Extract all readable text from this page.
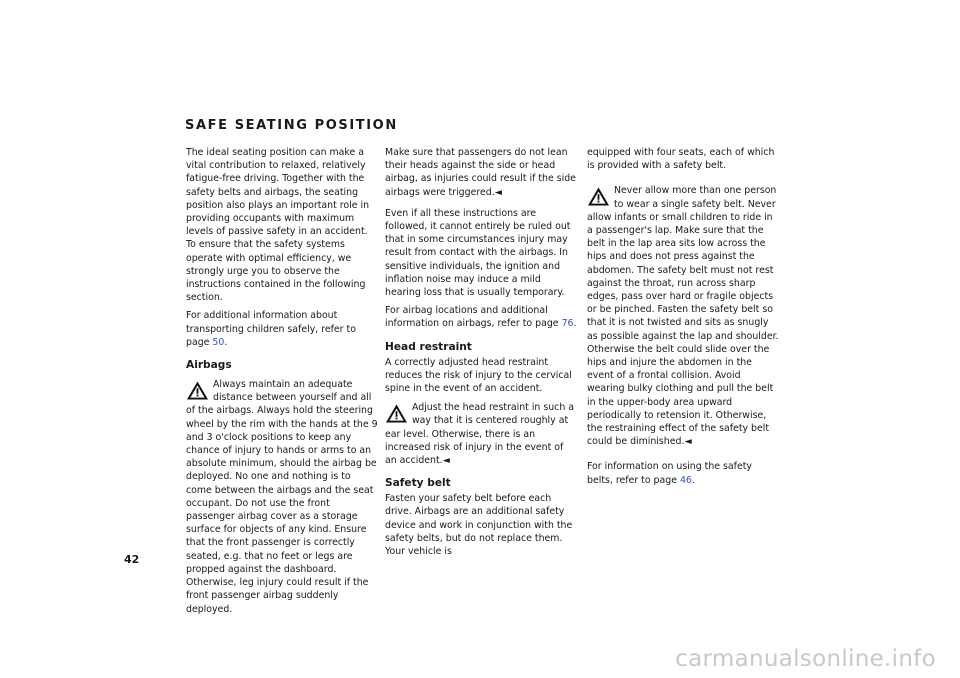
SAFE SEATING POSITION

The ideal seating position can make a vital contribution to relaxed, relatively fatigue-free driving. Together with the safety belts and airbags, the seating position also plays an important role in providing occupants with maximum levels of passive safety in an accident. To ensure that the safety systems operate with optimal efficiency, we strongly urge you to observe the instructions contained in the following section.

For additional information about transporting children safely, refer to page 50.

Airbags

Always maintain an adequate distance between yourself and all of the airbags. Always hold the steering wheel by the rim with the hands at the 9 and 3 o'clock positions to keep any chance of injury to hands or arms to an absolute minimum, should the airbag be deployed. No one and nothing is to come between the airbags and the seat occupant. Do not use the front passenger airbag cover as a storage surface for objects of any kind. Ensure that the front passenger is correctly seated, e.g. that no feet or legs are propped against the dashboard. Otherwise, leg injury could result if the front passenger airbag suddenly deployed.

Make sure that passengers do not lean their heads against the side or head airbag, as injuries could result if the side airbags were triggered.◄

Even if all these instructions are followed, it cannot entirely be ruled out that in some circumstances injury may result from contact with the airbags. In sensitive individuals, the ignition and inflation noise may induce a mild hearing loss that is usually temporary.

For airbag locations and additional information on airbags, refer to page 76.

Head restraint

A correctly adjusted head restraint reduces the risk of injury to the cervical spine in the event of an accident.

Adjust the head restraint in such a way that it is centered roughly at ear level. Otherwise, there is an increased risk of injury in the event of an accident.◄

Safety belt

Fasten your safety belt before each drive. Airbags are an additional safety device and work in conjunction with the safety belts, but do not replace them. Your vehicle is

equipped with four seats, each of which is provided with a safety belt.

Never allow more than one person to wear a single safety belt. Never allow infants or small children to ride in a passenger's lap. Make sure that the belt in the lap area sits low across the hips and does not press against the abdomen. The safety belt must not rest against the throat, run across sharp edges, pass over hard or fragile objects or be pinched. Fasten the safety belt so that it is not twisted and sits as snugly as possible against the lap and shoulder. Otherwise the belt could slide over the hips and injure the abdomen in the event of a frontal collision. Avoid wearing bulky clothing and pull the belt in the upper-body area upward periodically to retension it. Otherwise, the restraining effect of the safety belt could be diminished.◄

For information on using the safety belts, refer to page 46.

42
carmanualsonline.info
